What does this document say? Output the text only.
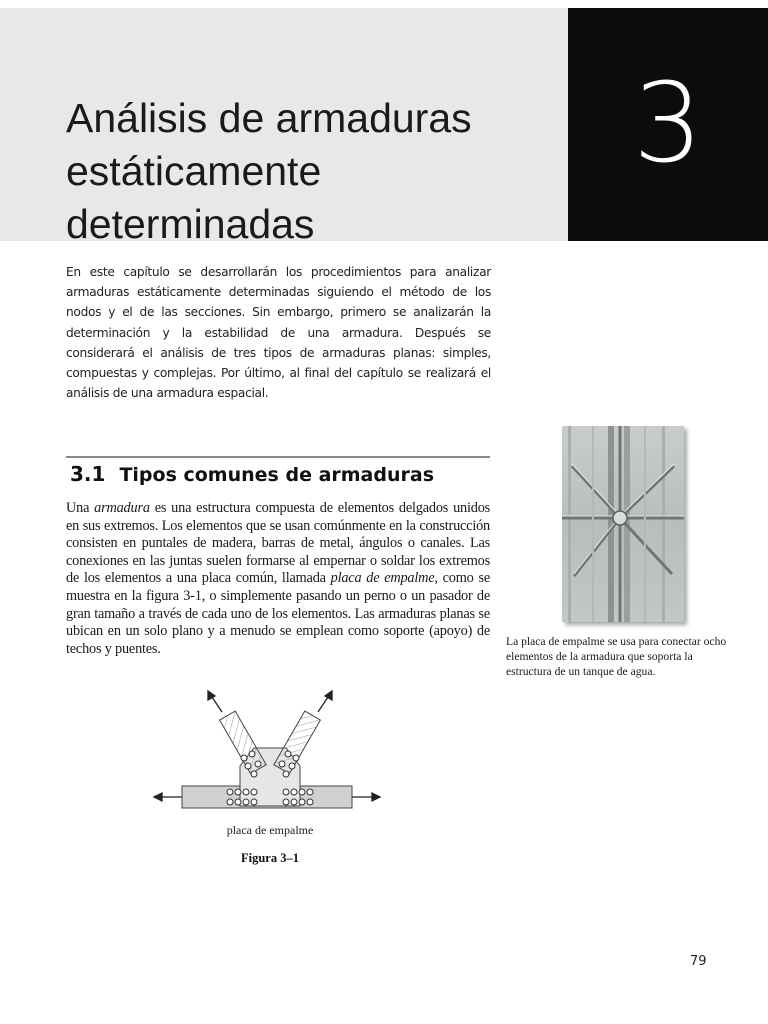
3
Análisis de armaduras
estáticamente
determinadas

En este capítulo se desarrollarán los procedimientos para analizar armaduras estáticamente determinadas siguiendo el método de los nodos y el de las secciones. Sin embargo, primero se analizarán la determinación y la estabilidad de una armadura. Después se considerará el análisis de tres tipos de armaduras planas: simples, compuestas y complejas. Por último, al final del capítulo se realizará el análisis de una armadura espacial.

3.1 Tipos comunes de armaduras

Una armadura es una estructura compuesta de elementos delgados unidos en sus extremos. Los elementos que se usan comúnmente en la construcción consisten en puntales de madera, barras de metal, ángulos o canales. Las conexiones en las juntas suelen formarse al empernar o soldar los extremos de los elementos a una placa común, llamada placa de empalme, como se muestra en la figura 3-1, o simplemente pasando un perno o un pasador de gran tamaño a través de cada uno de los elementos. Las armaduras planas se ubican en un solo plano y a menudo se emplean como soporte (apoyo) de techos y puentes.	La placa de empalme se usa para conectar ocho elementos de la armadura que soporta la estructura de un tanque de agua.

placa de empalme
Figura 3–1
79
